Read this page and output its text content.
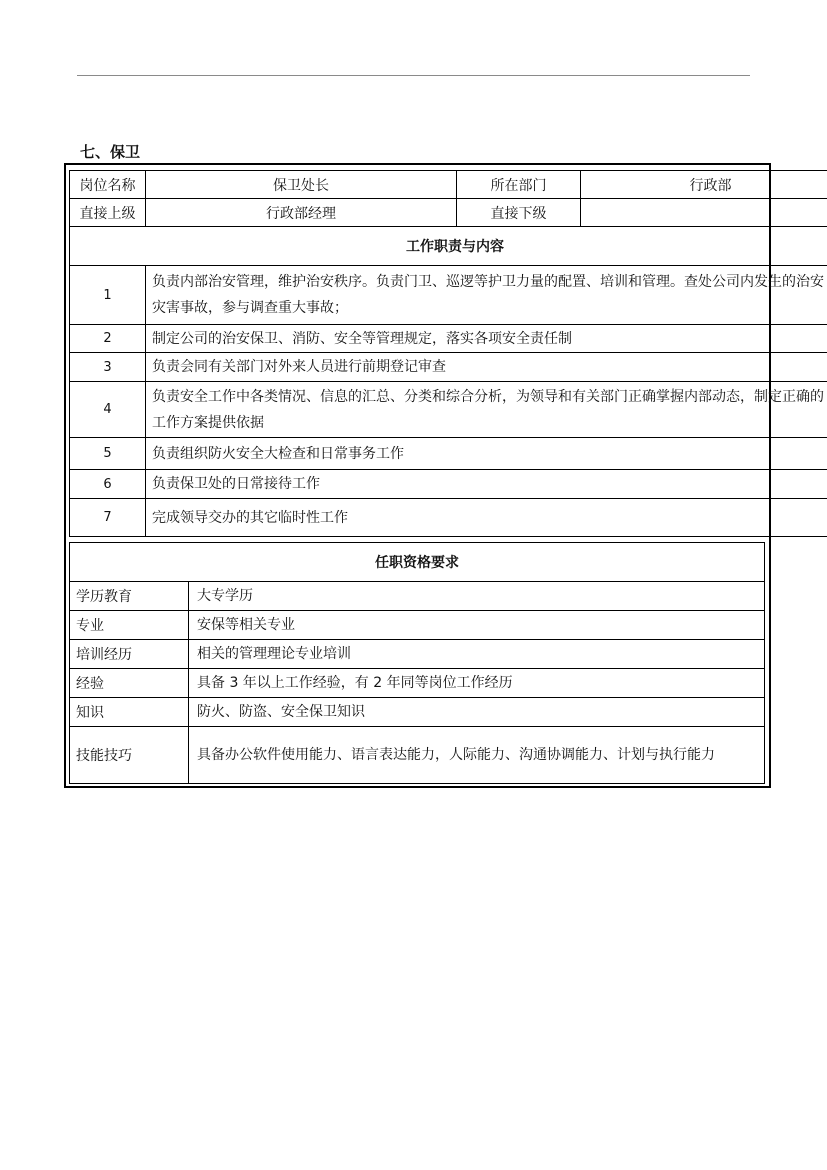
七、保卫
岗位名称	保卫处长	所在部门	行政部
直接上级	行政部经理	直接下级	
工作职责与内容			
1	负责内部治安管理，维护治安秩序。负责门卫、巡逻等护卫力量的配置、培训和管理。查处公司内发生的治安灾害事故，参与调查重大事故；		
2	制定公司的治安保卫、消防、安全等管理规定，落实各项安全责任制		
3	负责会同有关部门对外来人员进行前期登记审查		
4	负责安全工作中各类情况、信息的汇总、分类和综合分析，为领导和有关部门正确掌握内部动态，制定正确的工作方案提供依据		
5	负责组织防火安全大检查和日常事务工作		
6	负责保卫处的日常接待工作		
7	完成领导交办的其它临时性工作		
任职资格要求	
学历教育	大专学历
专业	安保等相关专业
培训经历	相关的管理理论专业培训
经验	具备 3 年以上工作经验，有 2 年同等岗位工作经历
知识	防火、防盗、安全保卫知识
技能技巧	具备办公软件使用能力、语言表达能力，人际能力、沟通协调能力、计划与执行能力
